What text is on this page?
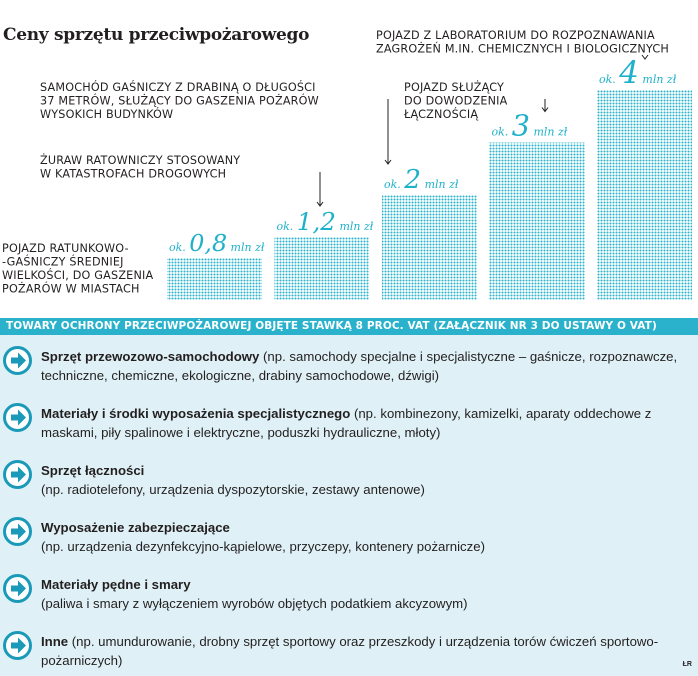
Ceny sprzętu przeciwpożarowego
ok. 0,8 mln zł
POJAZD RATUNKOWO--GAŚNICZY ŚREDNIEJ WIELKOŚCI, DO GASZENIA POŻARÓW W MIASTACH
ok. 1,2 mln zł
ŻURAW RATOWNICZY STOSOWANY W KATASTROFACH DROGOWYCH
ok. 2 mln zł
SAMOCHÓD GAŚNICZY Z DRABINĄ O DŁUGOŚCI 37 METRÓW, SŁUŻĄCY DO GASZENIA POŻARÓW WYSOKICH BUDYNKÓW
ok. 3 mln zł
POJAZD SŁUŻĄCY DO DOWODZENIA ŁĄCZNOŚCIĄ
ok. 4 mln zł
POJAZD Z LABORATORIUM DO ROZPOZNAWANIA ZAGROŻEŃ M.IN. CHEMICZNYCH I BIOLOGICZNYCH
TOWARY OCHRONY PRZECIWPOŻAROWEJ OBJĘTE STAWKĄ 8 PROC. VAT (ZAŁĄCZNIK NR 3 DO USTAWY O VAT)
Sprzęt przewozowo-samochodowy (np. samochody specjalne i specjalistyczne – gaśnicze, rozpoznawcze, techniczne, chemiczne, ekologiczne, drabiny samochodowe, dźwigi)
Materiały i środki wyposażenia specjalistycznego (np. kombinezony, kamizelki, aparaty oddechowe z maskami, piły spalinowe i elektryczne, poduszki hydrauliczne, młoty)
Sprzęt łączności
(np. radiotelefony, urządzenia dyspozytorskie, zestawy antenowe)
Wyposażenie zabezpieczające
(np. urządzenia dezynfekcyjno-kąpielowe, przyczepy, kontenery pożarnicze)
Materiały pędne i smary
(paliwa i smary z wyłączeniem wyrobów objętych podatkiem akcyzowym)
Inne (np. umundurowanie, drobny sprzęt sportowy oraz przeszkody i urządzenia torów ćwiczeń sportowo-pożarniczych)	ŁR
